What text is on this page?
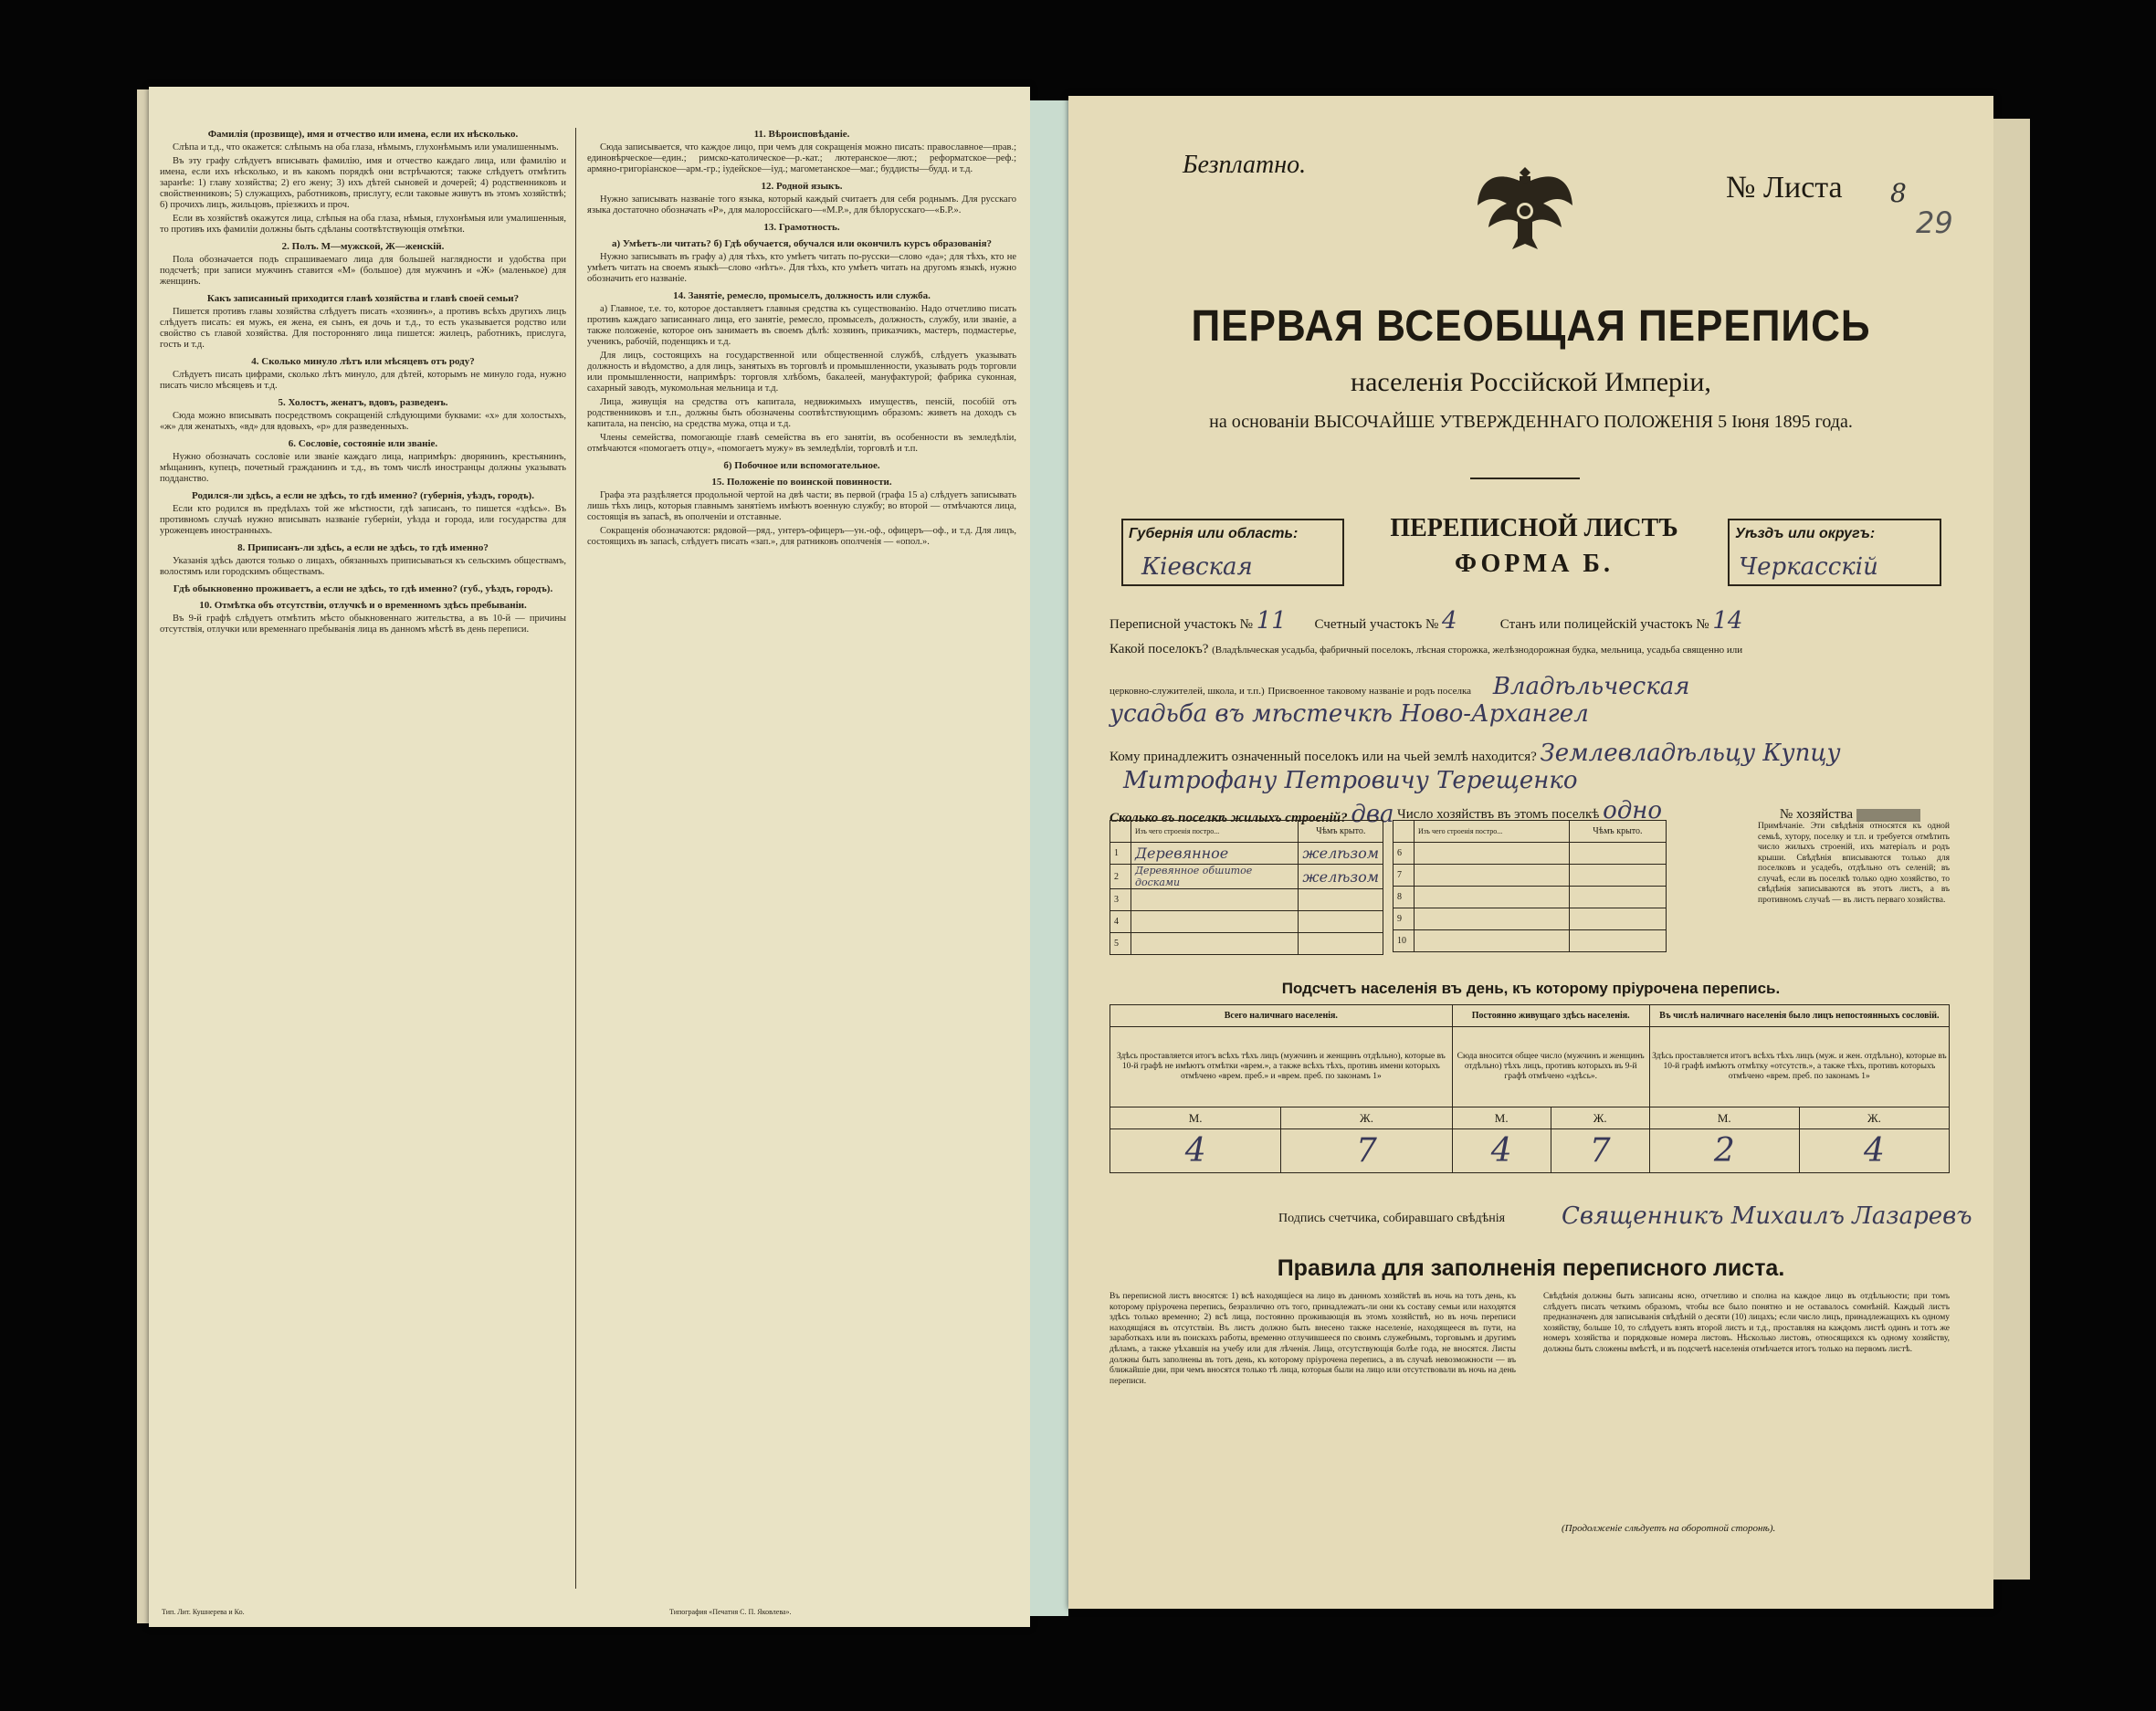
Фамилія (прозвище), имя и отчество или имена, если их нѣсколько.

Слѣпа и т.д., что окажется: слѣпымъ на оба глаза, нѣмымъ, глухонѣмымъ или умалишеннымъ.

Въ эту графу слѣдуетъ вписывать фамилію, имя и отчество каждаго лица, или фамилію и имена, если ихъ нѣсколько, и въ какомъ порядкѣ они встрѣчаются; также слѣдуетъ отмѣтить заранѣе: 1) главу хозяйства; 2) его жену; 3) ихъ дѣтей сыновей и дочерей; 4) родственниковъ и свойственниковъ; 5) служащихъ, работниковъ, прислугу, если таковые живутъ въ этомъ хозяйствѣ; 6) прочихъ лицъ, жильцовъ, пріезжихъ и проч.

Если въ хозяйствѣ окажутся лица, слѣпыя на оба глаза, нѣмыя, глухонѣмыя или умалишенныя, то противъ ихъ фамиліи должны быть сдѣланы соотвѣтствующія отмѣтки.

2. Полъ. М—мужской, Ж—женскій.

Пола обозначается подъ спрашиваемаго лица для большей наглядности и удобства при подсчетѣ; при записи мужчинъ ставится «М» (большое) для мужчинъ и «Ж» (маленькое) для женщинъ.

Какъ записанный приходится главѣ хозяйства и главѣ своей семьи?

Пишется противъ главы хозяйства слѣдуетъ писать «хозяинъ», а противъ всѣхъ другихъ лицъ слѣдуетъ писать: ея мужъ, ея жена, ея сынъ, ея дочь и т.д., то есть указывается родство или свойство съ главой хозяйства. Для посторонняго лица пишется: жилецъ, работникъ, прислуга, гость и т.д.

4. Сколько минуло лѣтъ или мѣсяцевъ отъ роду?

Слѣдуетъ писать цифрами, сколько лѣтъ минуло, для дѣтей, которымъ не минуло года, нужно писать число мѣсяцевъ и т.д.

5. Холостъ, женатъ, вдовъ, разведенъ.

Сюда можно вписывать посредствомъ сокращеній слѣдующими буквами: «х» для холостыхъ, «ж» для женатыхъ, «вд» для вдовыхъ, «р» для разведенныхъ.

6. Сословіе, состояніе или званіе.

Нужно обозначать сословіе или званіе каждаго лица, напримѣръ: дворянинъ, крестьянинъ, мѣщанинъ, купецъ, почетный гражданинъ и т.д., въ томъ числѣ иностранцы должны указывать подданство.

Родился-ли здѣсь, а если не здѣсь, то гдѣ именно? (губернія, уѣздъ, городъ).

Если кто родился въ предѣлахъ той же мѣстности, гдѣ записанъ, то пишется «здѣсь». Въ противномъ случаѣ нужно вписывать названіе губерніи, уѣзда и города, или государства для уроженцевъ иностранныхъ.

8. Приписанъ-ли здѣсь, а если не здѣсь, то гдѣ именно?

Указанія здѣсь даются только о лицахъ, обязанныхъ приписываться къ сельскимъ обществамъ, волостямъ или городскимъ обществамъ.

Гдѣ обыкновенно проживаетъ, а если не здѣсь, то гдѣ именно? (губ., уѣздъ, городъ).
10. Отмѣтка объ отсутствіи, отлучкѣ и о временномъ здѣсь пребываніи.

Въ 9-й графѣ слѣдуетъ отмѣтить мѣсто обыкновеннаго жительства, а въ 10-й — причины отсутствія, отлучки или временнаго пребыванія лица въ данномъ мѣстѣ въ день переписи.

11. Вѣроисповѣданіе.

Сюда записывается, что каждое лицо, при чемъ для сокращенія можно писать: православное—прав.; единовѣрческое—един.; римско-католическое—р.-кат.; лютеранское—лют.; реформатское—реф.; армяно-григоріанское—арм.-гр.; іудейское—іуд.; магометанское—маг.; буддисты—будд. и т.д.

12. Родной языкъ.

Нужно записывать названіе того языка, который каждый считаетъ для себя роднымъ. Для русскаго языка достаточно обозначать «Р», для малороссійскаго—«М.Р.», для бѣлорусскаго—«Б.Р.».

13. Грамотность.
а) Умѣетъ-ли читать? б) Гдѣ обучается, обучался или окончилъ курсъ образованія?

Нужно записывать въ графу а) для тѣхъ, кто умѣетъ читать по-русски—слово «да»; для тѣхъ, кто не умѣетъ читать на своемъ языкѣ—слово «нѣтъ». Для тѣхъ, кто умѣетъ читать на другомъ языкѣ, нужно обозначить его названіе.

14. Занятіе, ремесло, промыселъ, должность или служба.

а) Главное, т.е. то, которое доставляетъ главныя средства къ существованію. Надо отчетливо писать противъ каждаго записаннаго лица, его занятіе, ремесло, промыселъ, должность, службу, или званіе, а также положеніе, которое онъ занимаетъ въ своемъ дѣлѣ: хозяинъ, приказчикъ, мастеръ, подмастерье, ученикъ, рабочій, поденщикъ и т.д.

Для лицъ, состоящихъ на государственной или общественной службѣ, слѣдуетъ указывать должность и вѣдомство, а для лицъ, занятыхъ въ торговлѣ и промышленности, указывать родъ торговли или промышленности, напримѣръ: торговля хлѣбомъ, бакалеей, мануфактурой; фабрика суконная, сахарный заводъ, мукомольная мельница и т.д.

Лица, живущія на средства отъ капитала, недвижимыхъ имуществъ, пенсій, пособій отъ родственниковъ и т.п., должны быть обозначены соотвѣтствующимъ образомъ: живетъ на доходъ съ капитала, на пенсію, на средства мужа, отца и т.д.

Члены семейства, помогающіе главѣ семейства въ его занятіи, въ особенности въ земледѣліи, отмѣчаются «помогаетъ отцу», «помогаетъ мужу» въ земледѣліи, торговлѣ и т.п.

б) Побочное или вспомогательное.
15. Положеніе по воинской повинности.

Графа эта раздѣляется продольной чертой на двѣ части; въ первой (графа 15 а) слѣдуетъ записывать лишь тѣхъ лицъ, которыя главнымъ занятіемъ имѣютъ военную службу; во второй — отмѣчаются лица, состоящія въ запасѣ, въ ополченіи и отставные.

Сокращенія обозначаются: рядовой—ряд., унтеръ-офицеръ—ун.-оф., офицеръ—оф., и т.д. Для лицъ, состоящихъ въ запасѣ, слѣдуетъ писать «зап.», для ратниковъ ополченія — «опол.».

Тип. Лит. Кушнерева и Ко.	Типография «Печатня С. П. Яковлева».
Безплатно.
№ Листа 8
29
ПЕРВАЯ ВСЕОБЩАЯ ПЕРЕПИСЬ
населенія Россійской Имперіи,
на основаніи ВЫСОЧАЙШЕ УТВЕРЖДЕННАГО ПОЛОЖЕНІЯ 5 Іюня 1895 года.
Губернія или область:
Кіевская
ПЕРЕПИСНОЙ ЛИСТЪ
ФОРМА Б.
Уѣздъ или округъ:
Черкасскій
Переписной участокъ № 11 Счетный участокъ № 4	Станъ или полицейскій участокъ № 14
Какой поселокъ? (Владѣльческая усадьба, фабричный поселокъ, лѣсная сторожка, желѣзнодорожная будка, мельница, усадьба священно или
церковно-служителей, школа, и т.п.) Присвоенное таковому названіе и родъ поселка Владѣльческая
усадьба въ мѣстечкѣ Ново-Архангел
Кому принадлежитъ означенный поселокъ или на чьей землѣ находится? Землевладѣльцу Купцу
Митрофану Петровичу Терещенко
Число хозяйствъ въ этомъ поселкѣ одно	№ хозяйства
Сколько въ поселкѣ жилыхъ строеній? два
	Изъ чего строенія постро...	Чѣмъ крыто.
1	Деревянное	желѣзом
2	Деревянное обшитое досками	желѣзом
3		
4		
5		
	Изъ чего строенія постро...	Чѣмъ крыто.
6		
7		
8		
9		
10		
Примѣчаніе. Эти свѣдѣнія относятся къ одной семьѣ, хутору, поселку и т.п. и требуется отмѣтить число жилыхъ строеній, ихъ матеріалъ и родъ крыши. Свѣдѣнія вписываются только для поселковъ и усадебъ, отдѣльно отъ селеній; въ случаѣ, если въ поселкѣ только одно хозяйство, то свѣдѣнія записываются въ этотъ листъ, а въ противномъ случаѣ — въ листъ перваго хозяйства.
Подсчетъ населенія въ день, къ которому пріурочена перепись.
Всего наличнаго населенія.		Постоянно живущаго здѣсь населенія.		Въ числѣ наличнаго населенія было лицъ непостоянныхъ сословій.	
Здѣсь проставляется итогъ всѣхъ тѣхъ лицъ (мужчинъ и женщинъ отдѣльно), которые въ 10-й графѣ не имѣютъ отмѣтки «врем.», а также всѣхъ тѣхъ, противъ имени которыхъ отмѣчено «врем. преб.» и «врем. преб. по законамъ 1»		Сюда вносится общее число (мужчинъ и женщинъ отдѣльно) тѣхъ лицъ, противъ которыхъ въ 9-й графѣ отмѣчено «здѣсь».		Здѣсь проставляется итогъ всѣхъ тѣхъ лицъ (муж. и жен. отдѣльно), которые въ 10-й графѣ имѣютъ отмѣтку «отсутств.», а также тѣхъ, противъ которыхъ отмѣчено «врем. преб. по законамъ 1»	
М.	Ж.	М.	Ж.	М.	Ж.
4	7	4	7	2	4
Подпись счетчика, собиравшаго свѣдѣнія Священникъ Михаилъ Лазаревъ
Правила для заполненія переписного листа.
Въ переписной листъ вносятся: 1) всѣ находящіеся на лицо въ данномъ хозяйствѣ въ ночь на тотъ день, къ которому пріурочена перепись, безразлично отъ того, принадлежатъ-ли они къ составу семьи или находятся здѣсь только временно; 2) всѣ лица, постоянно проживающія въ этомъ хозяйствѣ, но въ ночь переписи находящіяся въ отсутствіи. Въ листъ должно быть внесено также населеніе, находящееся въ пути, на заработкахъ или въ поискахъ работы, временно отлучившееся по своимъ служебнымъ, торговымъ и другимъ дѣламъ, а также уѣхавшія на учебу или для лѣченія. Лица, отсутствующія болѣе года, не вносятся. Листы должны быть заполнены въ тотъ день, къ которому пріурочена перепись, а въ случаѣ невозможности — въ ближайшіе дни, при чемъ вносятся только тѣ лица, которыя были на лицо или отсутствовали въ ночь на день переписи.
Свѣдѣнія должны быть записаны ясно, отчетливо и сполна на каждое лицо въ отдѣльности; при томъ слѣдуетъ писать четкимъ образомъ, чтобы все было понятно и не оставалось сомнѣній. Каждый листъ предназначенъ для записыванія свѣдѣній о десяти (10) лицахъ; если число лицъ, принадлежащихъ къ одному хозяйству, больше 10, то слѣдуетъ взять второй листъ и т.д., проставляя на каждомъ листѣ одинъ и тотъ же номеръ хозяйства и порядковые номера листовъ. Нѣсколько листовъ, относящихся къ одному хозяйству, должны быть сложены вмѣстѣ, и въ подсчетѣ населенія отмѣчается итогъ только на первомъ листѣ.
(Продолженіе слѣдуетъ на оборотной сторонѣ).
